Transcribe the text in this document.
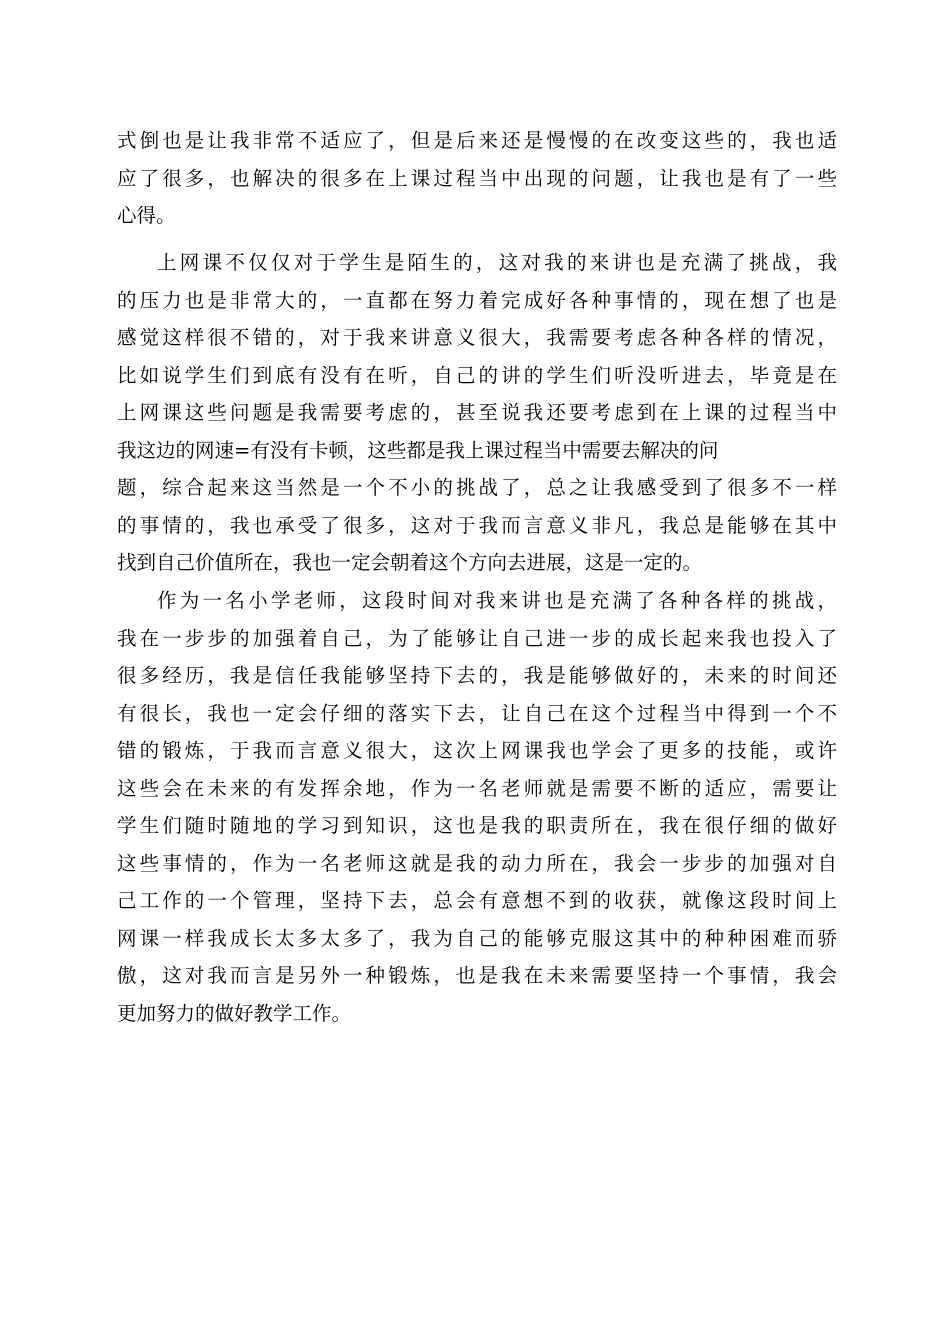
式倒也是让我非常不适应了，但是后来还是慢慢的在改变这些的，我也适
应了很多，也解决的很多在上课过程当中出现的问题，让我也是有了一些
心得。
上网课不仅仅对于学生是陌生的，这对我的来讲也是充满了挑战，我
的压力也是非常大的，一直都在努力着完成好各种事情的，现在想了也是
感觉这样很不错的，对于我来讲意义很大，我需要考虑各种各样的情况，
比如说学生们到底有没有在听，自己的讲的学生们听没听进去，毕竟是在
上网课这些问题是我需要考虑的，甚至说我还要考虑到在上课的过程当中
我这边的网速=有没有卡顿，这些都是我上课过程当中需要去解决的问
题，综合起来这当然是一个不小的挑战了，总之让我感受到了很多不一样
的事情的，我也承受了很多，这对于我而言意义非凡，我总是能够在其中
找到自己价值所在，我也一定会朝着这个方向去进展，这是一定的。
作为一名小学老师，这段时间对我来讲也是充满了各种各样的挑战，
我在一步步的加强着自己，为了能够让自己进一步的成长起来我也投入了
很多经历，我是信任我能够坚持下去的，我是能够做好的，未来的时间还
有很长，我也一定会仔细的落实下去，让自己在这个过程当中得到一个不
错的锻炼，于我而言意义很大，这次上网课我也学会了更多的技能，或许
这些会在未来的有发挥余地，作为一名老师就是需要不断的适应，需要让
学生们随时随地的学习到知识，这也是我的职责所在，我在很仔细的做好
这些事情的，作为一名老师这就是我的动力所在，我会一步步的加强对自
己工作的一个管理，坚持下去，总会有意想不到的收获，就像这段时间上
网课一样我成长太多太多了，我为自己的能够克服这其中的种种困难而骄
傲，这对我而言是另外一种锻炼，也是我在未来需要坚持一个事情，我会
更加努力的做好教学工作。
